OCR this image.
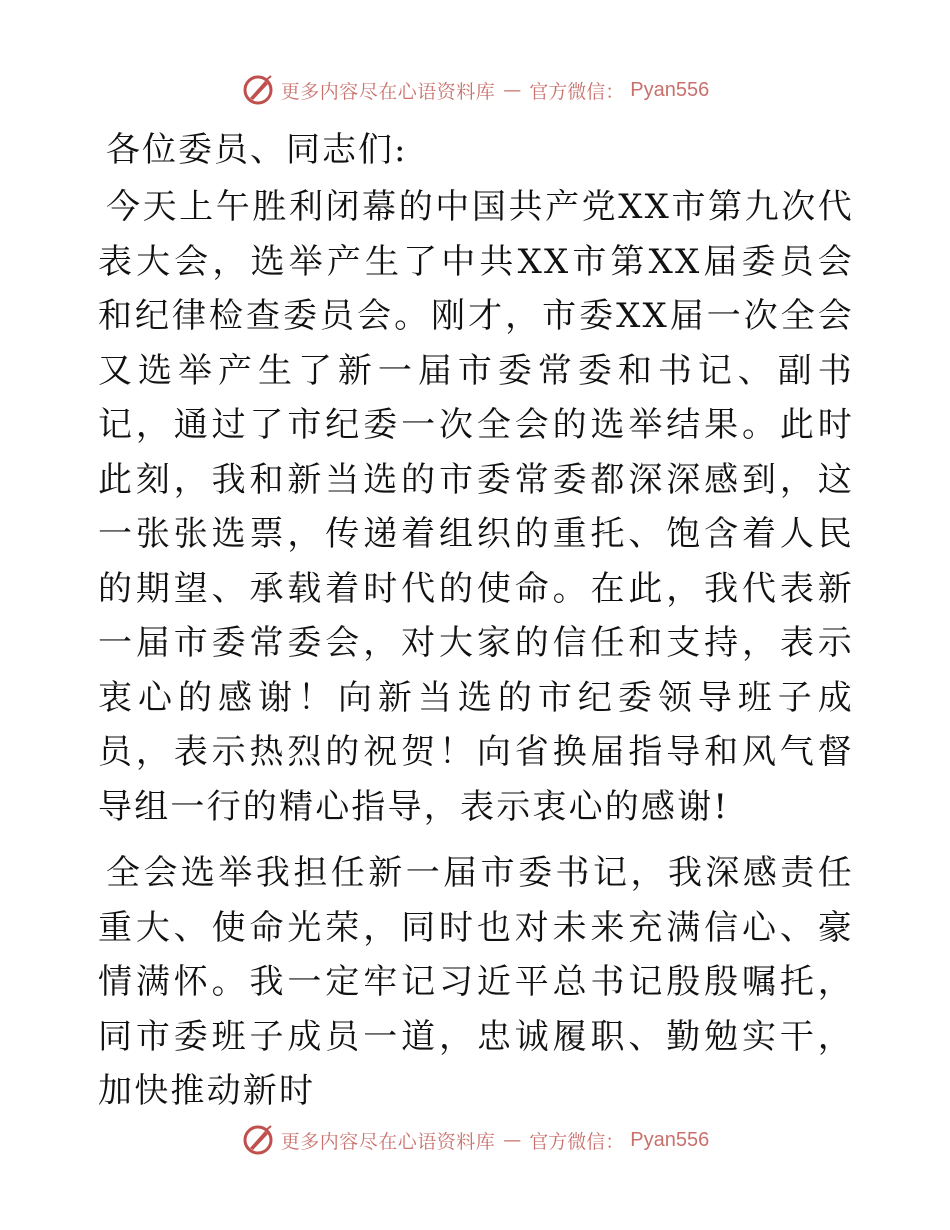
更多内容尽在心语资料库 — 官方微信： Pyan556
各位委员、同志们:
今天上午胜利闭幕的中国共产党XX市第九次代表大会，选举产生了中共XX市第XX届委员会和纪律检查委员会。刚才，市委XX届一次全会又选举产生了新一届市委常委和书记、副书记，通过了市纪委一次全会的选举结果。此时此刻，我和新当选的市委常委都深深感到，这一张张选票，传递着组织的重托、饱含着人民的期望、承载着时代的使命。在此，我代表新一届市委常委会，对大家的信任和支持，表示衷心的感谢！向新当选的市纪委领导班子成员，表示热烈的祝贺！向省换届指导和风气督导组一行的精心指导，表示衷心的感谢!
全会选举我担任新一届市委书记，我深感责任重大、使命光荣，同时也对未来充满信心、豪情满怀。我一定牢记习近平总书记殷殷嘱托，同市委班子成员一道，忠诚履职、勤勉实干，加快推动新时
更多内容尽在心语资料库 — 官方微信： Pyan556
